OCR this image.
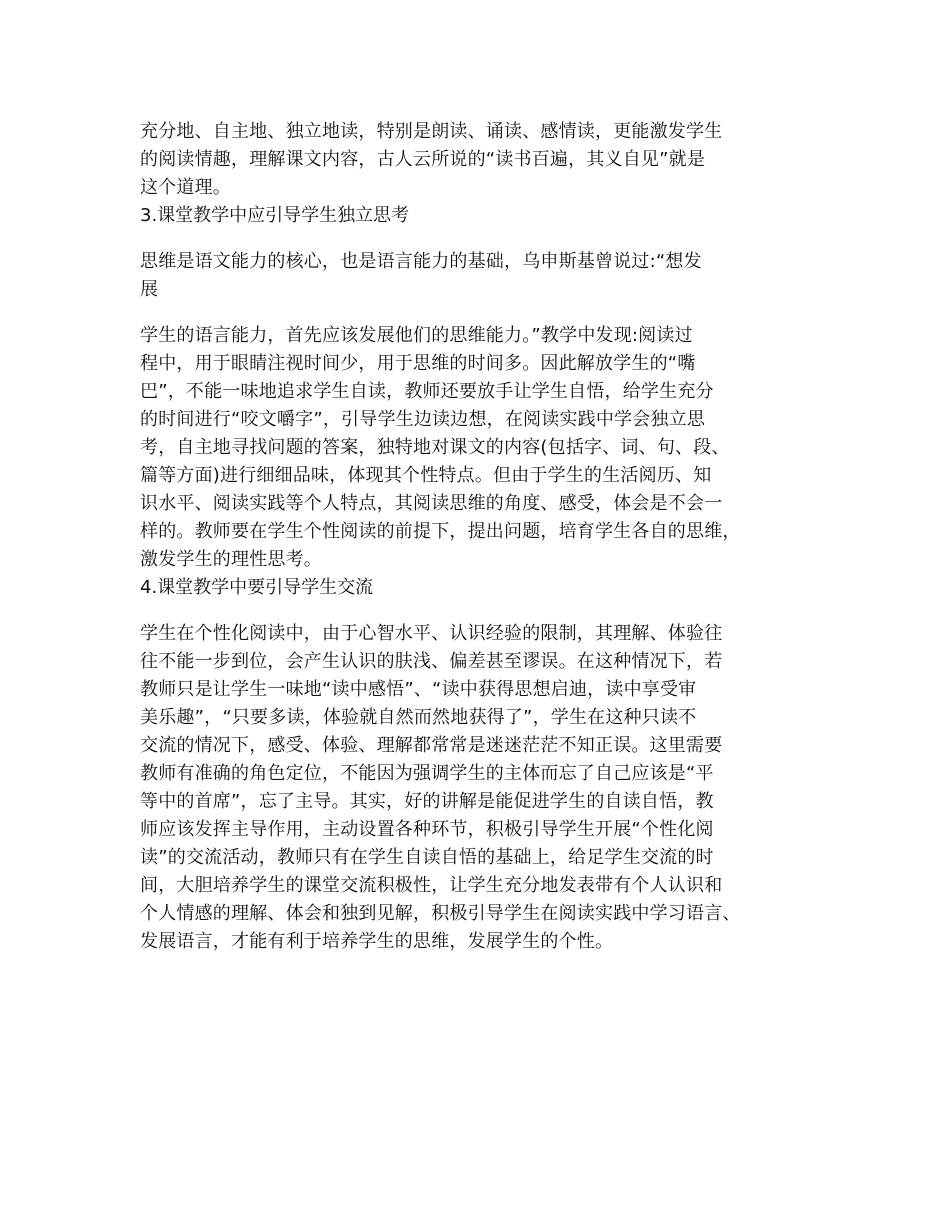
充分地、自主地、独立地读，特别是朗读、诵读、感情读，更能激发学生
的阅读情趣，理解课文内容，古人云所说的“读书百遍，其义自见”就是
这个道理。

3.课堂教学中应引导学生独立思考

思维是语文能力的核心，也是语言能力的基础，乌申斯基曾说过:“想发
展

学生的语言能力，首先应该发展他们的思维能力。”教学中发现:阅读过
程中，用于眼睛注视时间少，用于思维的时间多。因此解放学生的“嘴
巴”，不能一味地追求学生自读，教师还要放手让学生自悟，给学生充分
的时间进行“咬文嚼字”，引导学生边读边想，在阅读实践中学会独立思
考，自主地寻找问题的答案，独特地对课文的内容(包括字、词、句、段、
篇等方面)进行细细品味，体现其个性特点。但由于学生的生活阅历、知
识水平、阅读实践等个人特点，其阅读思维的角度、感受，体会是不会一
样的。教师要在学生个性阅读的前提下，提出问题，培育学生各自的思维，
激发学生的理性思考。

4.课堂教学中要引导学生交流

学生在个性化阅读中，由于心智水平、认识经验的限制，其理解、体验往
往不能一步到位，会产生认识的肤浅、偏差甚至谬误。在这种情况下，若
教师只是让学生一味地“读中感悟”、“读中获得思想启迪，读中享受审
美乐趣”，“只要多读，体验就自然而然地获得了”，学生在这种只读不
交流的情况下，感受、体验、理解都常常是迷迷茫茫不知正误。这里需要
教师有准确的角色定位，不能因为强调学生的主体而忘了自己应该是“平
等中的首席”，忘了主导。其实，好的讲解是能促进学生的自读自悟，教
师应该发挥主导作用，主动设置各种环节，积极引导学生开展“个性化阅
读”的交流活动，教师只有在学生自读自悟的基础上，给足学生交流的时
间，大胆培养学生的课堂交流积极性，让学生充分地发表带有个人认识和
个人情感的理解、体会和独到见解，积极引导学生在阅读实践中学习语言、
发展语言，才能有利于培养学生的思维，发展学生的个性。
